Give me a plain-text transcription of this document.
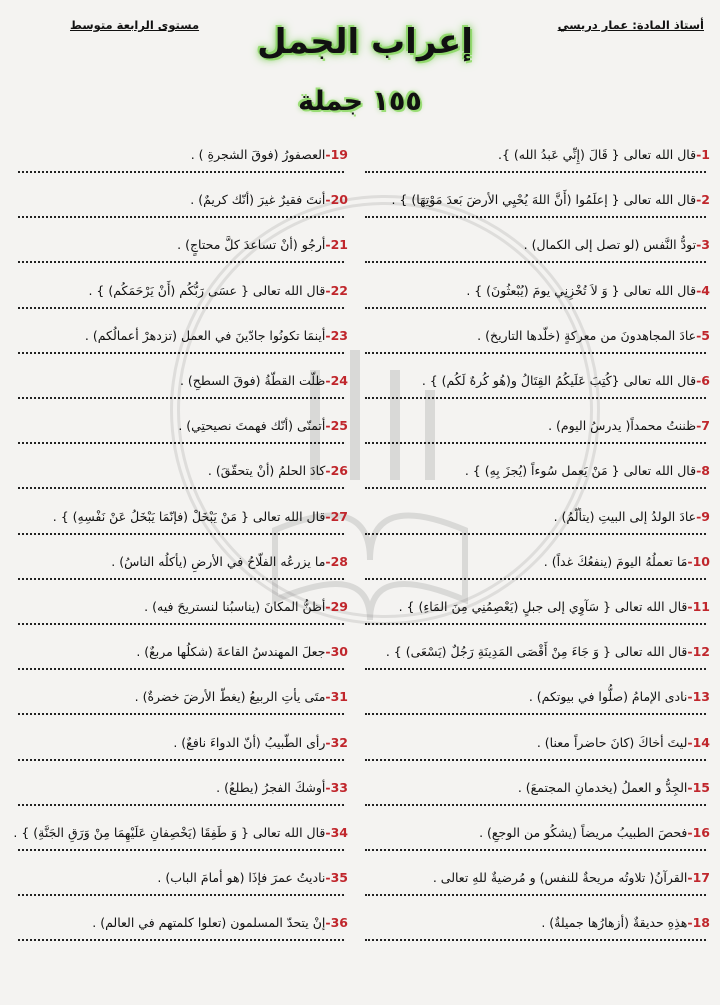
أستاذ المادة: عمار دريسي
مستوى الرابعة متوسط	إعراب الجمل
١٥٥ جملة
1-قال الله تعالى { قَالَ (إِنِّي عَبدُ الله) }.
2-قال الله تعالى { إعلَمُوا (أَنَّ اللهَ يُحْيِي الأرضَ بَعدَ مَوْتِهَا) } .
3-تودُّ النَّفس (لو تصل إلى الكمال) .
4-قال الله تعالى { وَ لاَ تُخْزِنِي يومَ (يُبْعثُونَ) } .
5-عادَ المجاهدونَ من معركةٍ (خلّدها التاريخ) .
6-قال الله تعالى {كُتِبَ عَلَيكُمُ القِتَالُ و(هُو كُرهٌ لَكُم) } .
7-ظننتُ محمداً( يدرسُ اليوم) .
8-قال الله تعالى { مَنْ يَعمل سُوءاً (يُجزَ بِهِ) } .
9-عادَ الولدُ إلى البيتِ (يتألّمُ) .
10-مَا تعملُهُ اليومَ (ينفعُكَ غداً) .
11-قال الله تعالى { سَآوِي إلى جبلٍ (يَعْصِمُنِي مِنَ المَاءِ) } .
12-قال الله تعالى { وَ جَاءَ مِنْ أَقْصَى المَدِينَةِ رَجُلٌ (يَسْعَى) } .
13-نادى الإمامُ (صلُّوا في بيوتكم) .
14-ليتَ أخاكَ (كانَ حاضراً معنا) .
15-الجِدُّ و العملُ (يخدمانِ المجتمعَ) .
16-فحصَ الطبيبُ مريضاً (يشكُو من الوجعِ) .
17-القرآنُ( تلاوتُه مريحةٌ للنفس) و مُرضيةٌ للهِ تعالى .
18-هذِهِ حديقةٌ (أزهارُها جميلةٌ) .
19-العصفورُ (فوقَ الشجرةِ ) .
20-أنتَ فقيرٌ غيرَ (أنّك كريمٌ) .
21-أرجُو (أنْ تساعدَ كلَّ محتاجٍ) .
22-قال الله تعالى { عسَى رَبُّكُم (أَنْ يَرْحَمَكُم) } .
23-أينمَا تكونُوا جادّينَ في العمل (تزدهرْ أعمالُكم) .
24-ظلّت القطّةُ (فوقَ السطحِ) .
25-أتمنّى (أنّك فهمتَ نصيحتِي) .
26-كادَ الحلمُ (أنْ يتحقّقَ) .
27-قال الله تعالى { مَنْ يَبْخَلْ (فإنّمَا يَبْخَلُ عَنْ نَفْسِهِ) } .
28-ما يزرعُه الفلّاحُ في الأرضِ (يأكلُه الناسُ) .
29-أظنُّ المكانَ (يناسبُنا لنستريحَ فيه) .
30-جعلَ المهندسُ القاعةَ (شكلُها مربعٌ) .
31-متَى يأتِ الربيعُ (يغطّ الأرضَ خضرةٌ) .
32-رأى الطّبيبُ (أنّ الدواءَ نافعٌ) .
33-أوشكَ الفجرُ (يطلعُ) .
34-قال الله تعالى { وَ طَفِقَا (يَخْصِفانِ عَلَيْهِمَا مِنْ وَرَقِ الجَنَّةِ) } .
35-ناديتُ عمرَ فإذَا (هو أمامَ الباب) .
36-إنْ يتحدّ المسلمون (تعلوا كلمتهم في العالم) .
